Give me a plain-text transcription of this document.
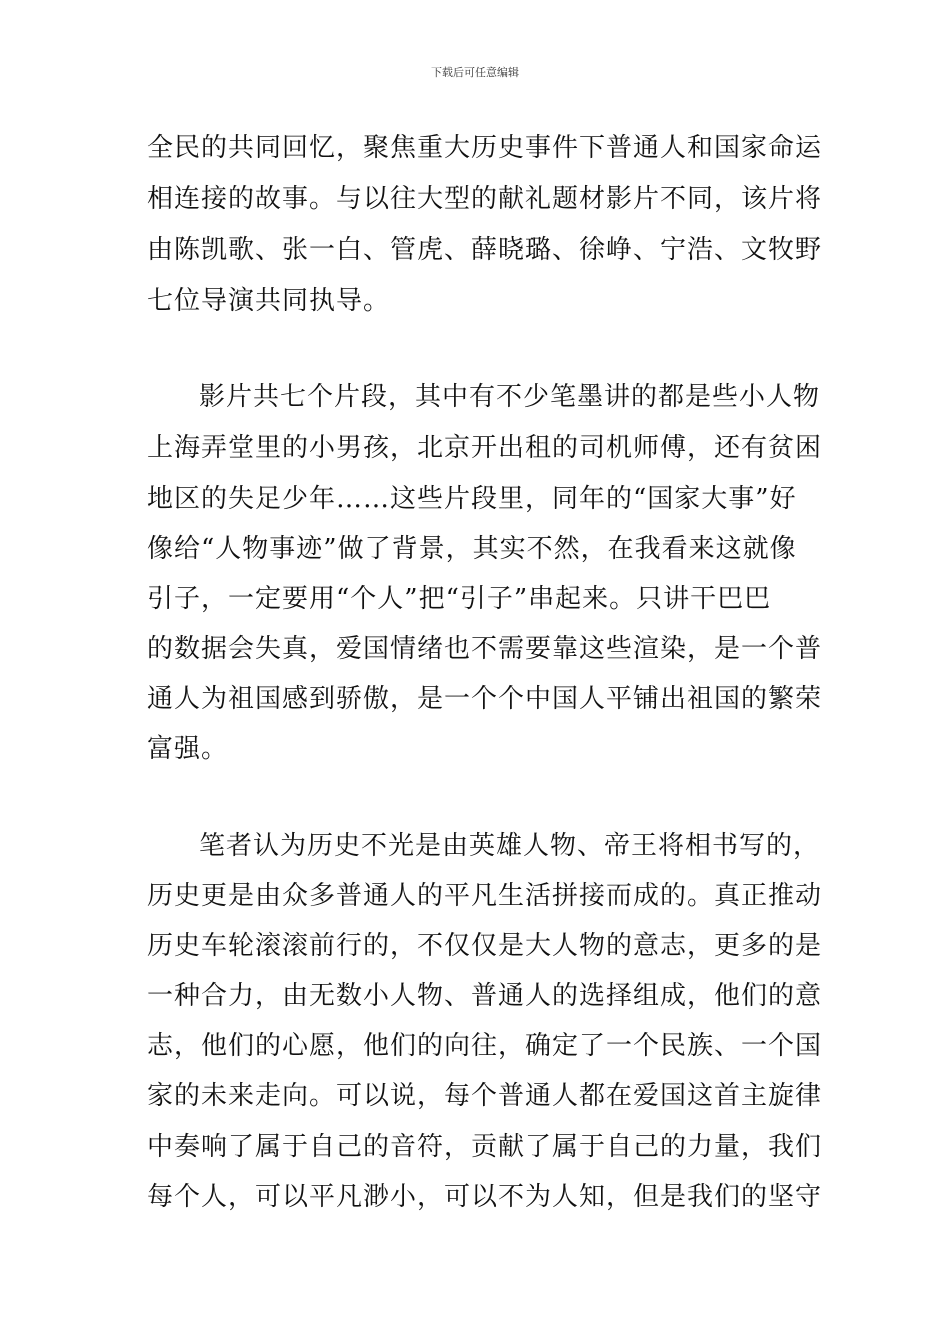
下载后可任意编辑
全民的共同回忆，聚焦重大历史事件下普通人和国家命运
相连接的故事。与以往大型的献礼题材影片不同，该片将
由陈凯歌、张一白、管虎、薛晓璐、徐峥、宁浩、文牧野
七位导演共同执导。
影片共七个片段，其中有不少笔墨讲的都是些小人物
上海弄堂里的小男孩，北京开出租的司机师傅，还有贫困
地区的失足少年……这些片段里，同年的“国家大事”好
像给“人物事迹”做了背景，其实不然，在我看来这就像
引子，一定要用“个人”把“引子”串起来。只讲干巴巴
的数据会失真，爱国情绪也不需要靠这些渲染，是一个普
通人为祖国感到骄傲，是一个个中国人平铺出祖国的繁荣
富强。
笔者认为历史不光是由英雄人物、帝王将相书写的，
历史更是由众多普通人的平凡生活拼接而成的。真正推动
历史车轮滚滚前行的，不仅仅是大人物的意志，更多的是
一种合力，由无数小人物、普通人的选择组成，他们的意
志，他们的心愿，他们的向往，确定了一个民族、一个国
家的未来走向。可以说，每个普通人都在爱国这首主旋律
中奏响了属于自己的音符，贡献了属于自己的力量，我们
每个人，可以平凡渺小，可以不为人知，但是我们的坚守
